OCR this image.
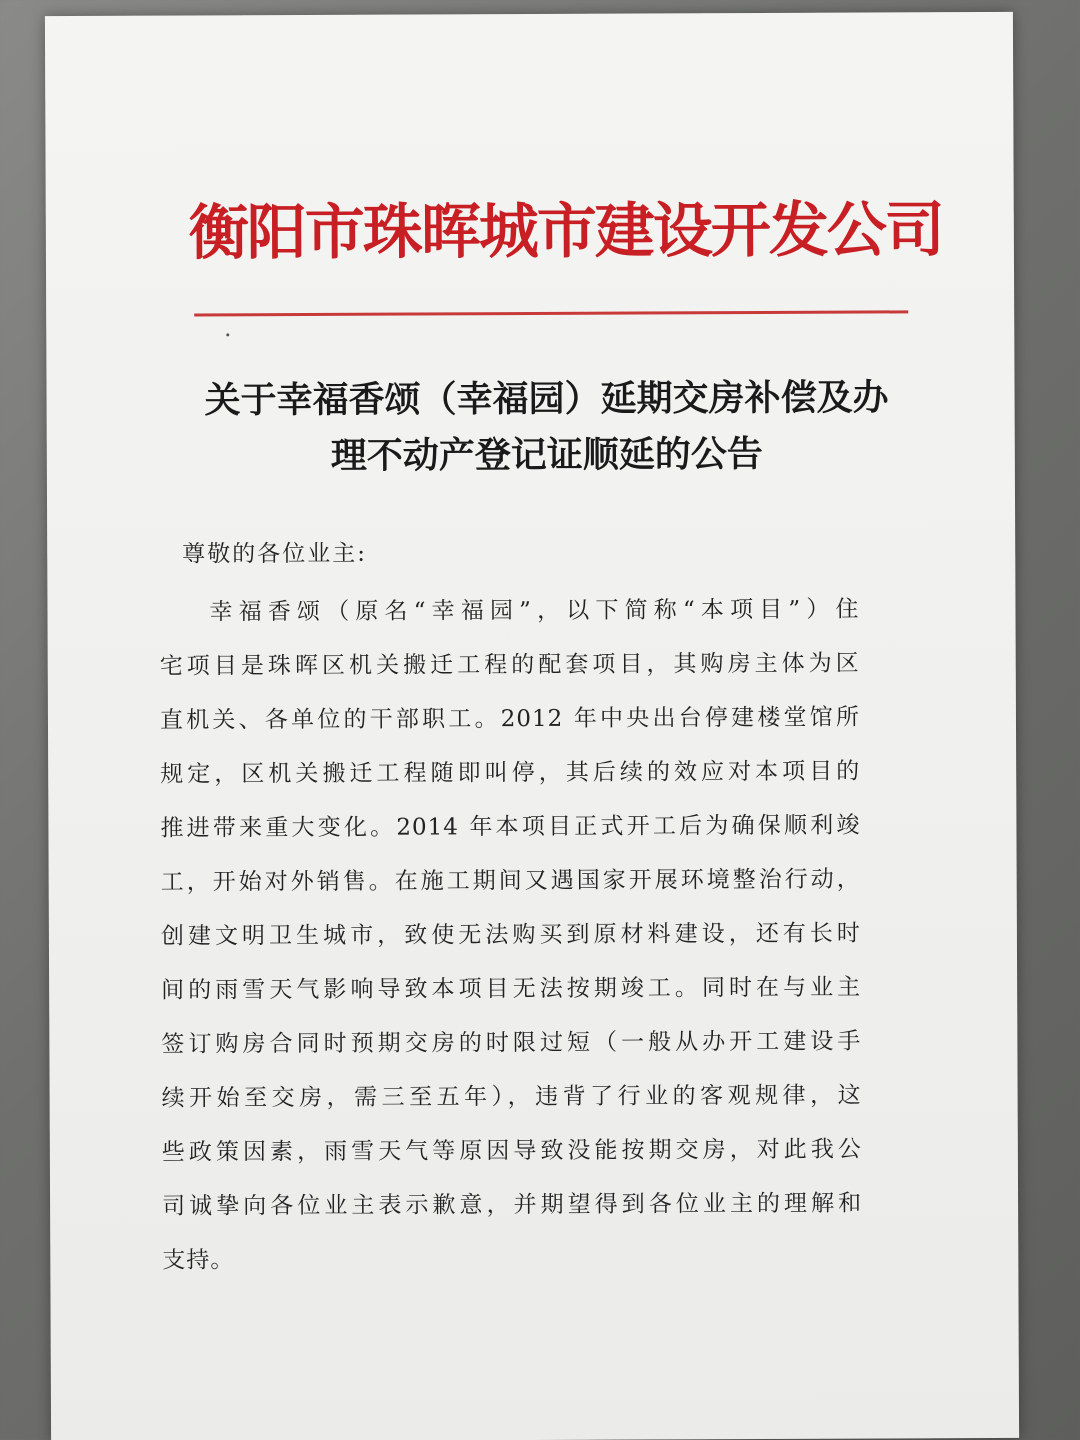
衡阳市珠晖城市建设开发公司
关于幸福香颂（幸福园）延期交房补偿及办
理不动产登记证顺延的公告
尊敬的各位业主:
幸福香颂（原名“幸福园”，以下简称“本项目”）住
宅项目是珠晖区机关搬迁工程的配套项目，其购房主体为区
直机关、各单位的干部职工。2012 年中央出台停建楼堂馆所
规定，区机关搬迁工程随即叫停，其后续的效应对本项目的
推进带来重大变化。2014 年本项目正式开工后为确保顺利竣
工，开始对外销售。在施工期间又遇国家开展环境整治行动，
创建文明卫生城市，致使无法购买到原材料建设，还有长时
间的雨雪天气影响导致本项目无法按期竣工。同时在与业主
签订购房合同时预期交房的时限过短（一般从办开工建设手
续开始至交房，需三至五年），违背了行业的客观规律，这
些政策因素，雨雪天气等原因导致没能按期交房，对此我公
司诚挚向各位业主表示歉意，并期望得到各位业主的理解和
支持。
